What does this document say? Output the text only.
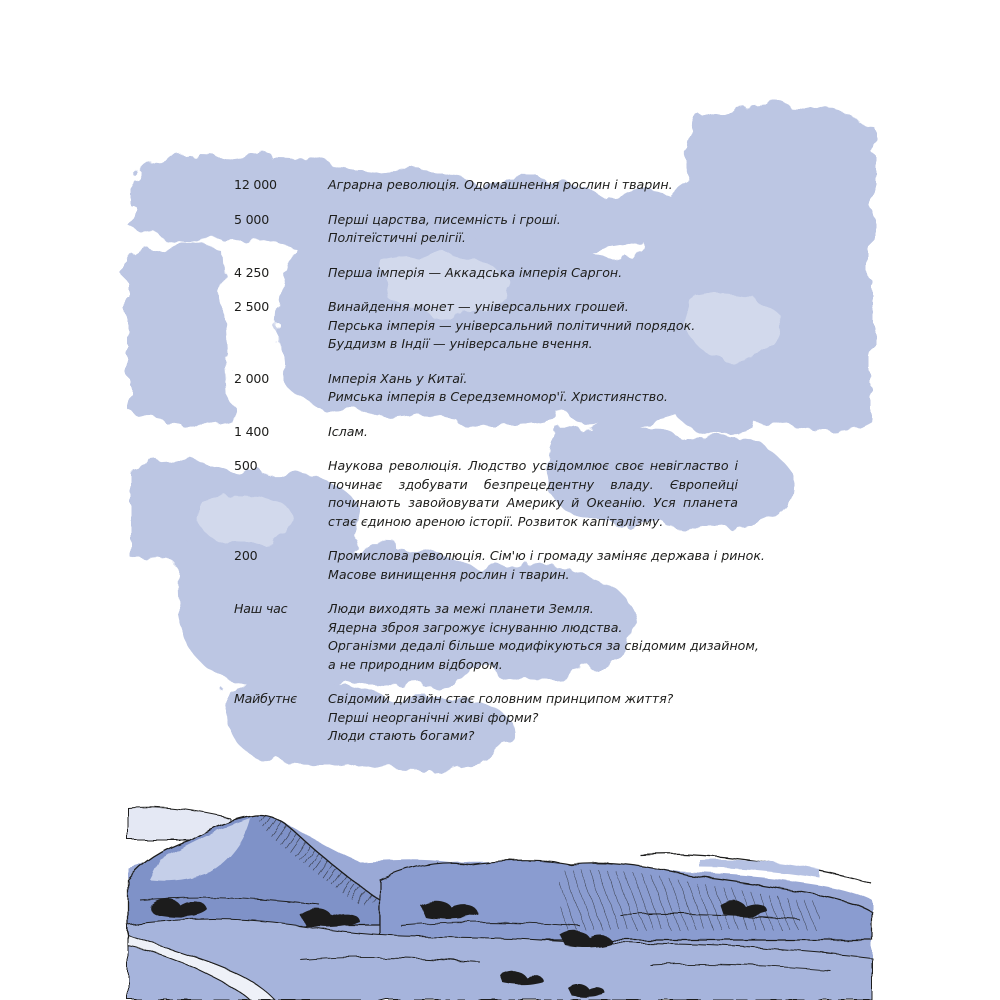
12 000	Аграрна революція. Одомашнення рослин і тварин.
5 000	Перші царства, писемність і гроші.
Політеїстичні релігії.
4 250	Перша імперія — Аккадська імперія Саргон.
2 500	Винайдення монет — універсальних грошей.
Перська імперія — універсальний політичний порядок.
Буддизм в Індії — універсальне вчення.
2 000	Імперія Хань у Китаї.
Римська імперія в Середземномор'ї. Християнство.
1 400	Іслам.
500	Наукова революція. Людство усвідомлює своє невігластво і починає здобувати безпрецедентну владу. Європейці починають завойовувати Америку й Океанію. Уся планета стає єдиною ареною історії. Розвиток капіталізму.
200	Промислова революція. Сім'ю і громаду заміняє держава і ринок.
Масове винищення рослин і тварин.
Наш час	Люди виходять за межі планети Земля.
Ядерна зброя загрожує існуванню людства.
Організми дедалі більше модифікуються за свідомим дизайном,
а не природним відбором.
Майбутнє	Свідомий дизайн стає головним принципом життя?
Перші неорганічні живі форми?
Люди стають богами?
